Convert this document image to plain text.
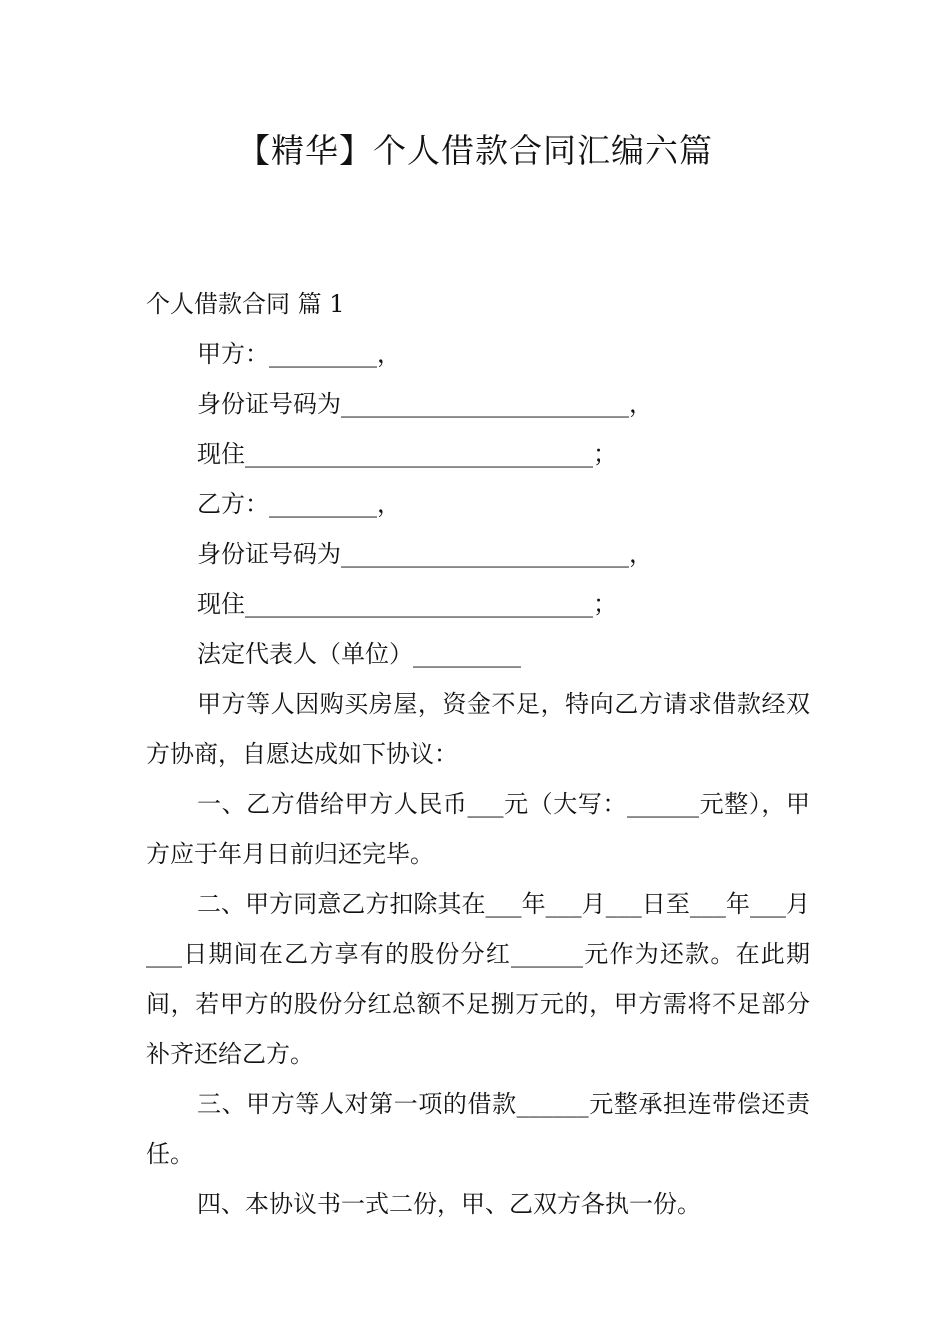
【精华】个人借款合同汇编六篇

个人借款合同 篇 1

甲方：_________，

身份证号码为________________________，

现住_____________________________；

乙方：_________，

身份证号码为________________________，

现住_____________________________；

法定代表人（单位）_________

甲方等人因购买房屋，资金不足，特向乙方请求借款经双方协商，自愿达成如下协议：

一、乙方借给甲方人民币___元（大写：______元整），甲方应于年月日前归还完毕。

二、甲方同意乙方扣除其在___年___月___日至___年___月___日期间在乙方享有的股份分红______元作为还款。在此期间，若甲方的股份分红总额不足捌万元的，甲方需将不足部分补齐还给乙方。

三、甲方等人对第一项的借款______元整承担连带偿还责任。

四、本协议书一式二份，甲、乙双方各执一份。
